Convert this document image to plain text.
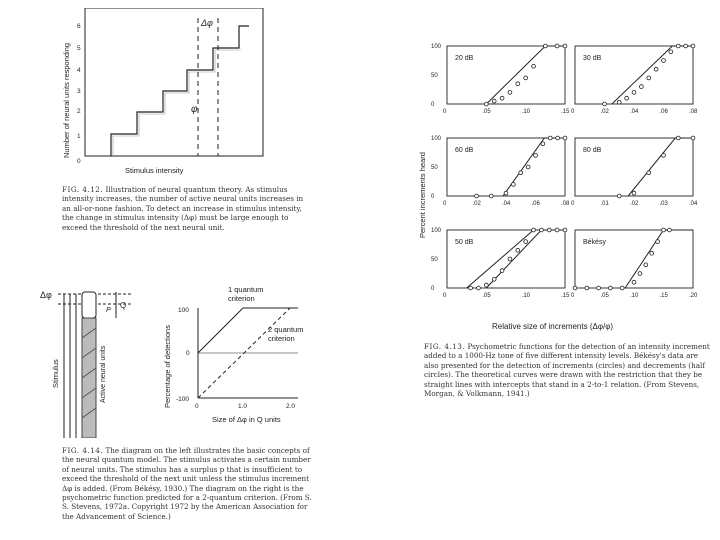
Number of neural units responding
0
1
2
3
4
5
6	Δφ
φ
Stimulus intensity
FIG. 4.12. Illustration of neural quantum theory. As stimulus intensity increases, the number of active neural units increases in an all-or-none fashion. To detect an increase in stimulus intensity, the change in stimulus intensity (Δφ) must be large enough to exceed the threshold of the next neural unit.
Δφ
Stimulus	Active neural units
Q
P
Percentage of detections
100
0
-100
1 quantum
criterion
2 quantum
criterion
0	1.0	2.0
Size of Δφ in Q units
FIG. 4.14. The diagram on the left illustrates the basic concepts of the neural quantum model. The stimulus activates a certain number of neural units. The stimulus has a surplus p that is insufficient to exceed the threshold of the next unit unless the stimulus increment Δφ is added. (From Békésy, 1930.) The diagram on the right is the psychometric function predicted for a 2-quantum criterion. (From S. S. Stevens, 1972a. Copyright 1972 by the American Association for the Advancement of Science.)
Percent increments heard
Relative size of increments (Δφ/φ)
20 dB
100
50
0
0	.05	.10	.15
30 dB
0	.02	.04	.06	.08
60 dB
100
50
0
0	.02	.04	.06	.08
80 dB
0	.01	.02	.03	.04
50 dB
100
50
0
0	.05	.10	.15
Békésy
0	.05	.10	.15	.20
FIG. 4.13. Psychometric functions for the detection of an intensity increment added to a 1000-Hz tone of five different intensity levels. Békésy's data are also presented for the detection of increments (circles) and decrements (half circles). The theoretical curves were drawn with the restriction that they be straight lines with intercepts that stand in a 2-to-1 relation. (From Stevens, Morgan, & Volkmann, 1941.)
